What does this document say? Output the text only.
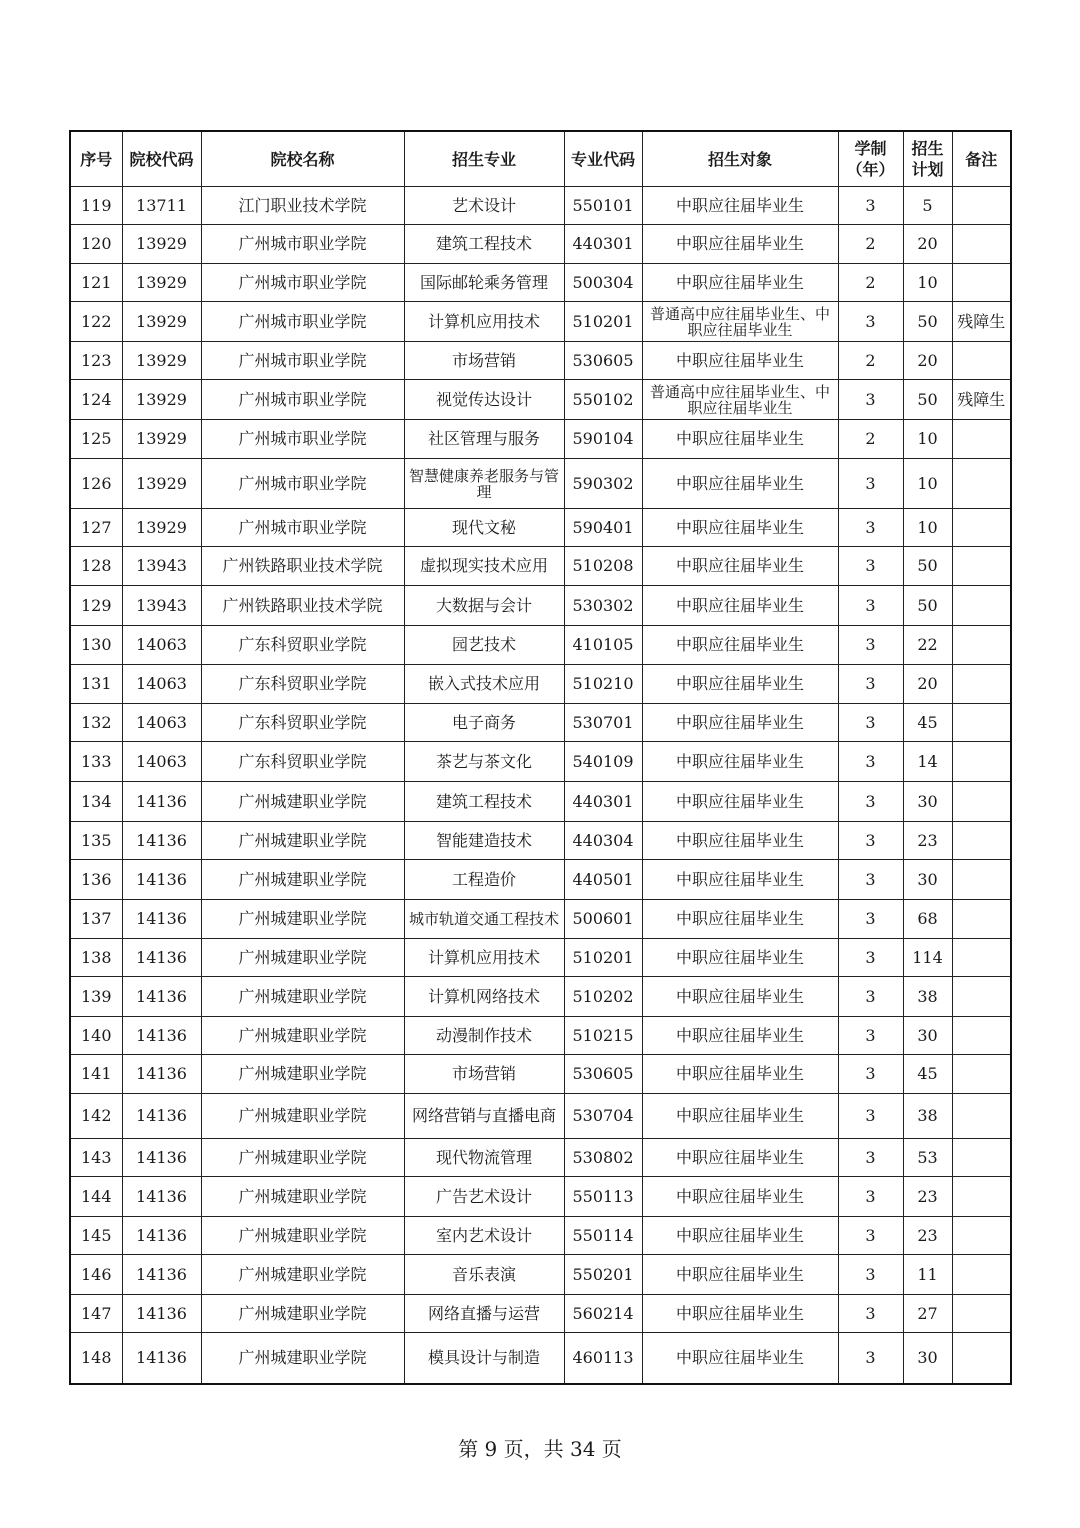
序号	院校代码	院校名称	招生专业	专业代码	招生对象	学制（年）	招生计划	备注
119	13711	江门职业技术学院	艺术设计	550101	中职应往届毕业生	3	5	
120	13929	广州城市职业学院	建筑工程技术	440301	中职应往届毕业生	2	20	
121	13929	广州城市职业学院	国际邮轮乘务管理	500304	中职应往届毕业生	2	10	
122	13929	广州城市职业学院	计算机应用技术	510201	普通高中应往届毕业生、中职应往届毕业生	3	50	残障生
123	13929	广州城市职业学院	市场营销	530605	中职应往届毕业生	2	20	
124	13929	广州城市职业学院	视觉传达设计	550102	普通高中应往届毕业生、中职应往届毕业生	3	50	残障生
125	13929	广州城市职业学院	社区管理与服务	590104	中职应往届毕业生	2	10	
126	13929	广州城市职业学院	智慧健康养老服务与管理	590302	中职应往届毕业生	3	10	
127	13929	广州城市职业学院	现代文秘	590401	中职应往届毕业生	3	10	
128	13943	广州铁路职业技术学院	虚拟现实技术应用	510208	中职应往届毕业生	3	50	
129	13943	广州铁路职业技术学院	大数据与会计	530302	中职应往届毕业生	3	50	
130	14063	广东科贸职业学院	园艺技术	410105	中职应往届毕业生	3	22	
131	14063	广东科贸职业学院	嵌入式技术应用	510210	中职应往届毕业生	3	20	
132	14063	广东科贸职业学院	电子商务	530701	中职应往届毕业生	3	45	
133	14063	广东科贸职业学院	茶艺与茶文化	540109	中职应往届毕业生	3	14	
134	14136	广州城建职业学院	建筑工程技术	440301	中职应往届毕业生	3	30	
135	14136	广州城建职业学院	智能建造技术	440304	中职应往届毕业生	3	23	
136	14136	广州城建职业学院	工程造价	440501	中职应往届毕业生	3	30	
137	14136	广州城建职业学院	城市轨道交通工程技术	500601	中职应往届毕业生	3	68	
138	14136	广州城建职业学院	计算机应用技术	510201	中职应往届毕业生	3	114	
139	14136	广州城建职业学院	计算机网络技术	510202	中职应往届毕业生	3	38	
140	14136	广州城建职业学院	动漫制作技术	510215	中职应往届毕业生	3	30	
141	14136	广州城建职业学院	市场营销	530605	中职应往届毕业生	3	45	
142	14136	广州城建职业学院	网络营销与直播电商	530704	中职应往届毕业生	3	38	
143	14136	广州城建职业学院	现代物流管理	530802	中职应往届毕业生	3	53	
144	14136	广州城建职业学院	广告艺术设计	550113	中职应往届毕业生	3	23	
145	14136	广州城建职业学院	室内艺术设计	550114	中职应往届毕业生	3	23	
146	14136	广州城建职业学院	音乐表演	550201	中职应往届毕业生	3	11	
147	14136	广州城建职业学院	网络直播与运营	560214	中职应往届毕业生	3	27	
148	14136	广州城建职业学院	模具设计与制造	460113	中职应往届毕业生	3	30	
第 9 页，共 34 页
